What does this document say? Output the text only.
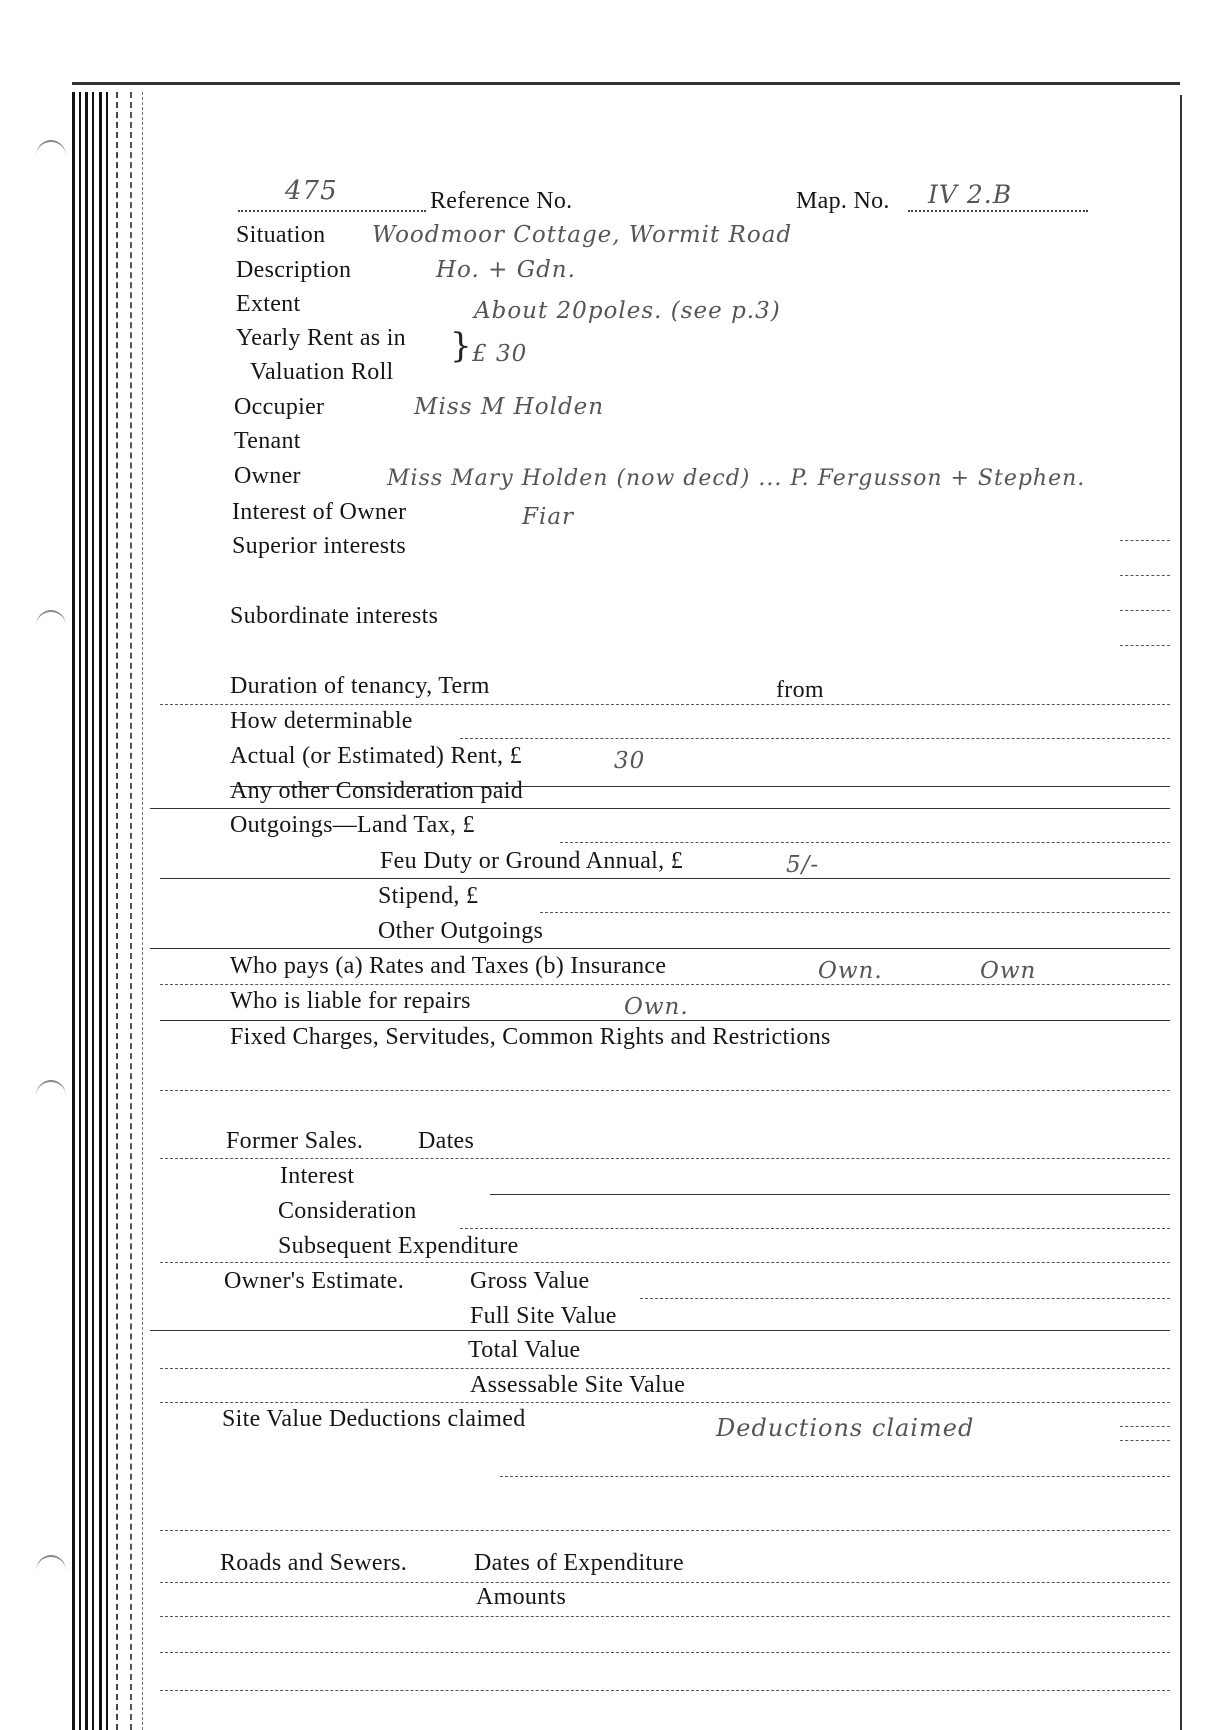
475	Reference No.	Map. No. IV 2.B
Situation Woodmoor Cottage, Wormit Road
Description	Ho. + Gdn.
Extent	About 20poles. (see p.3)
Yearly Rent as in
Valuation Roll
} £ 30
Occupier	Miss M Holden
Tenant
Owner	Miss Mary Holden (now decd) ... P. Fergusson + Stephen.
Interest of Owner	Fiar
Superior interests
Subordinate interests
Duration of tenancy, Term	from
How determinable
Actual (or Estimated) Rent, £	30
Any other Consideration paid
Outgoings—Land Tax, £
Feu Duty or Ground Annual, £	5/-
Stipend, £
Other Outgoings
Who pays (a) Rates and Taxes (b) Insurance	Own.	Own
Who is liable for repairs	Own.
Fixed Charges, Servitudes, Common Rights and Restrictions
Former Sales. Dates
Interest
Consideration
Subsequent Expenditure
Owner's Estimate.	Gross Value
Full Site Value
Total Value
Assessable Site Value
Site Value Deductions claimed	Deductions claimed
Roads and Sewers.	Dates of Expenditure
Amounts
